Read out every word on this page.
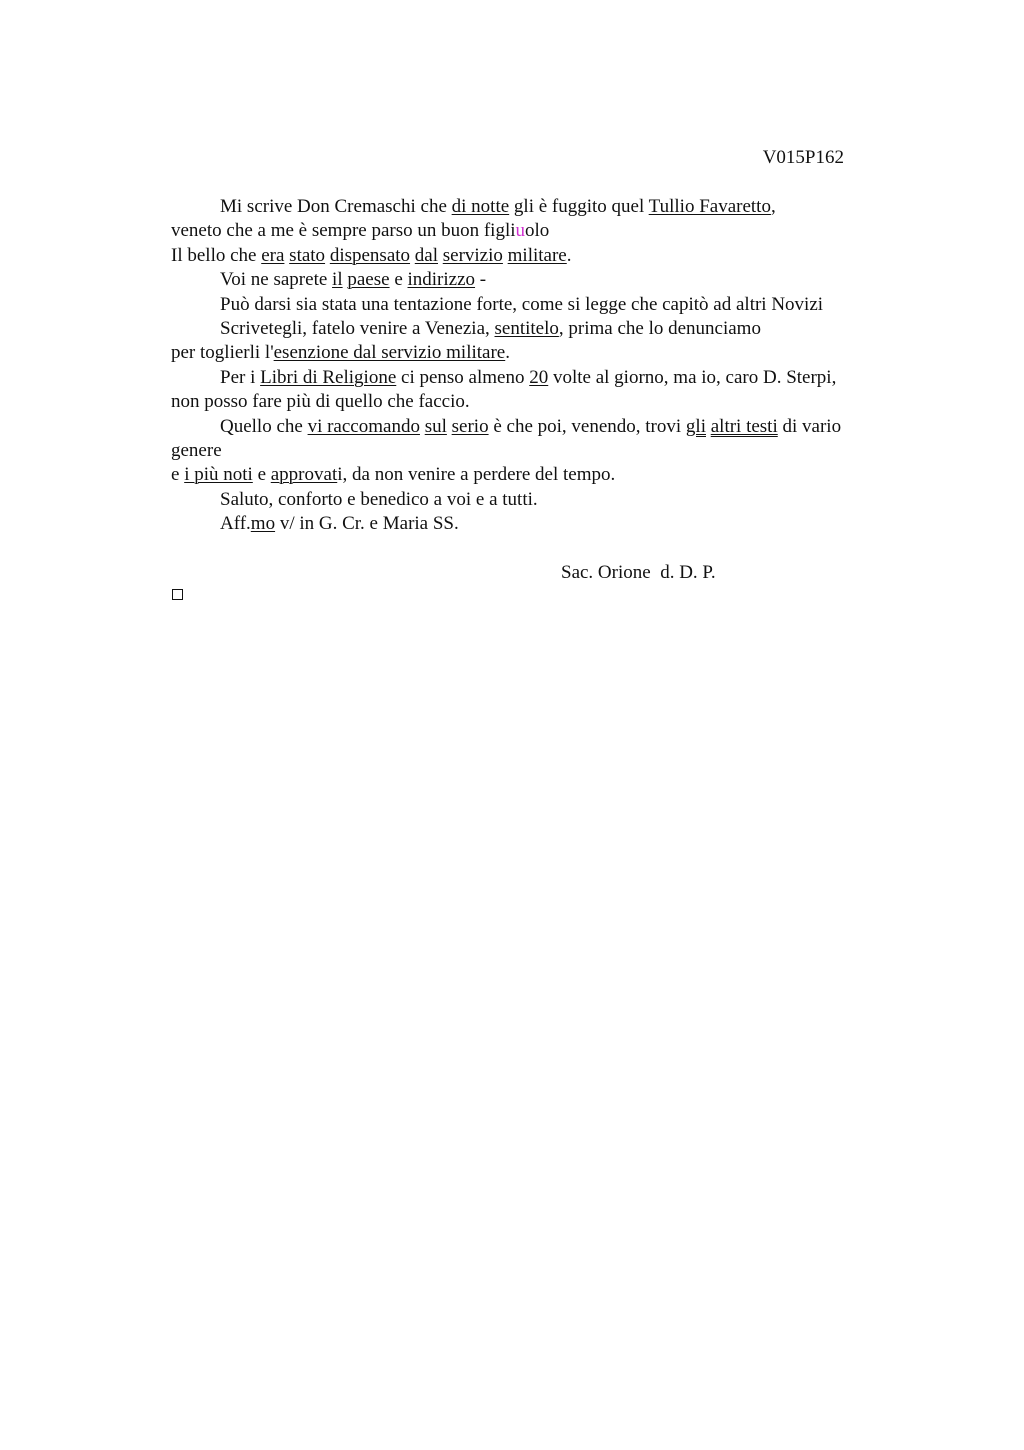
V015P162
Mi scrive Don Cremaschi che di notte gli è fuggito quel Tullio Favaretto,
veneto che a me è sempre parso un buon figliuolo
Il bello che era stato dispensato dal servizio militare.
Voi ne saprete il paese e indirizzo -
Può darsi sia stata una tentazione forte, come si legge che capitò ad altri Novizi
Scrivetegli, fatelo venire a Venezia, sentitelo, prima che lo denunciamo
per toglierli l'esenzione dal servizio militare.
Per i Libri di Religione ci penso almeno 20 volte al giorno, ma io, caro D. Sterpi,
non posso fare più di quello che faccio.
Quello che vi raccomando sul serio è che poi, venendo, trovi gli altri testi di vario
genere
e i più noti e approvati, da non venire a perdere del tempo.
Saluto, conforto e benedico a voi e a tutti.
Aff.mo v/ in G. Cr. e Maria SS.
Sac. Orione  d. D. P.
